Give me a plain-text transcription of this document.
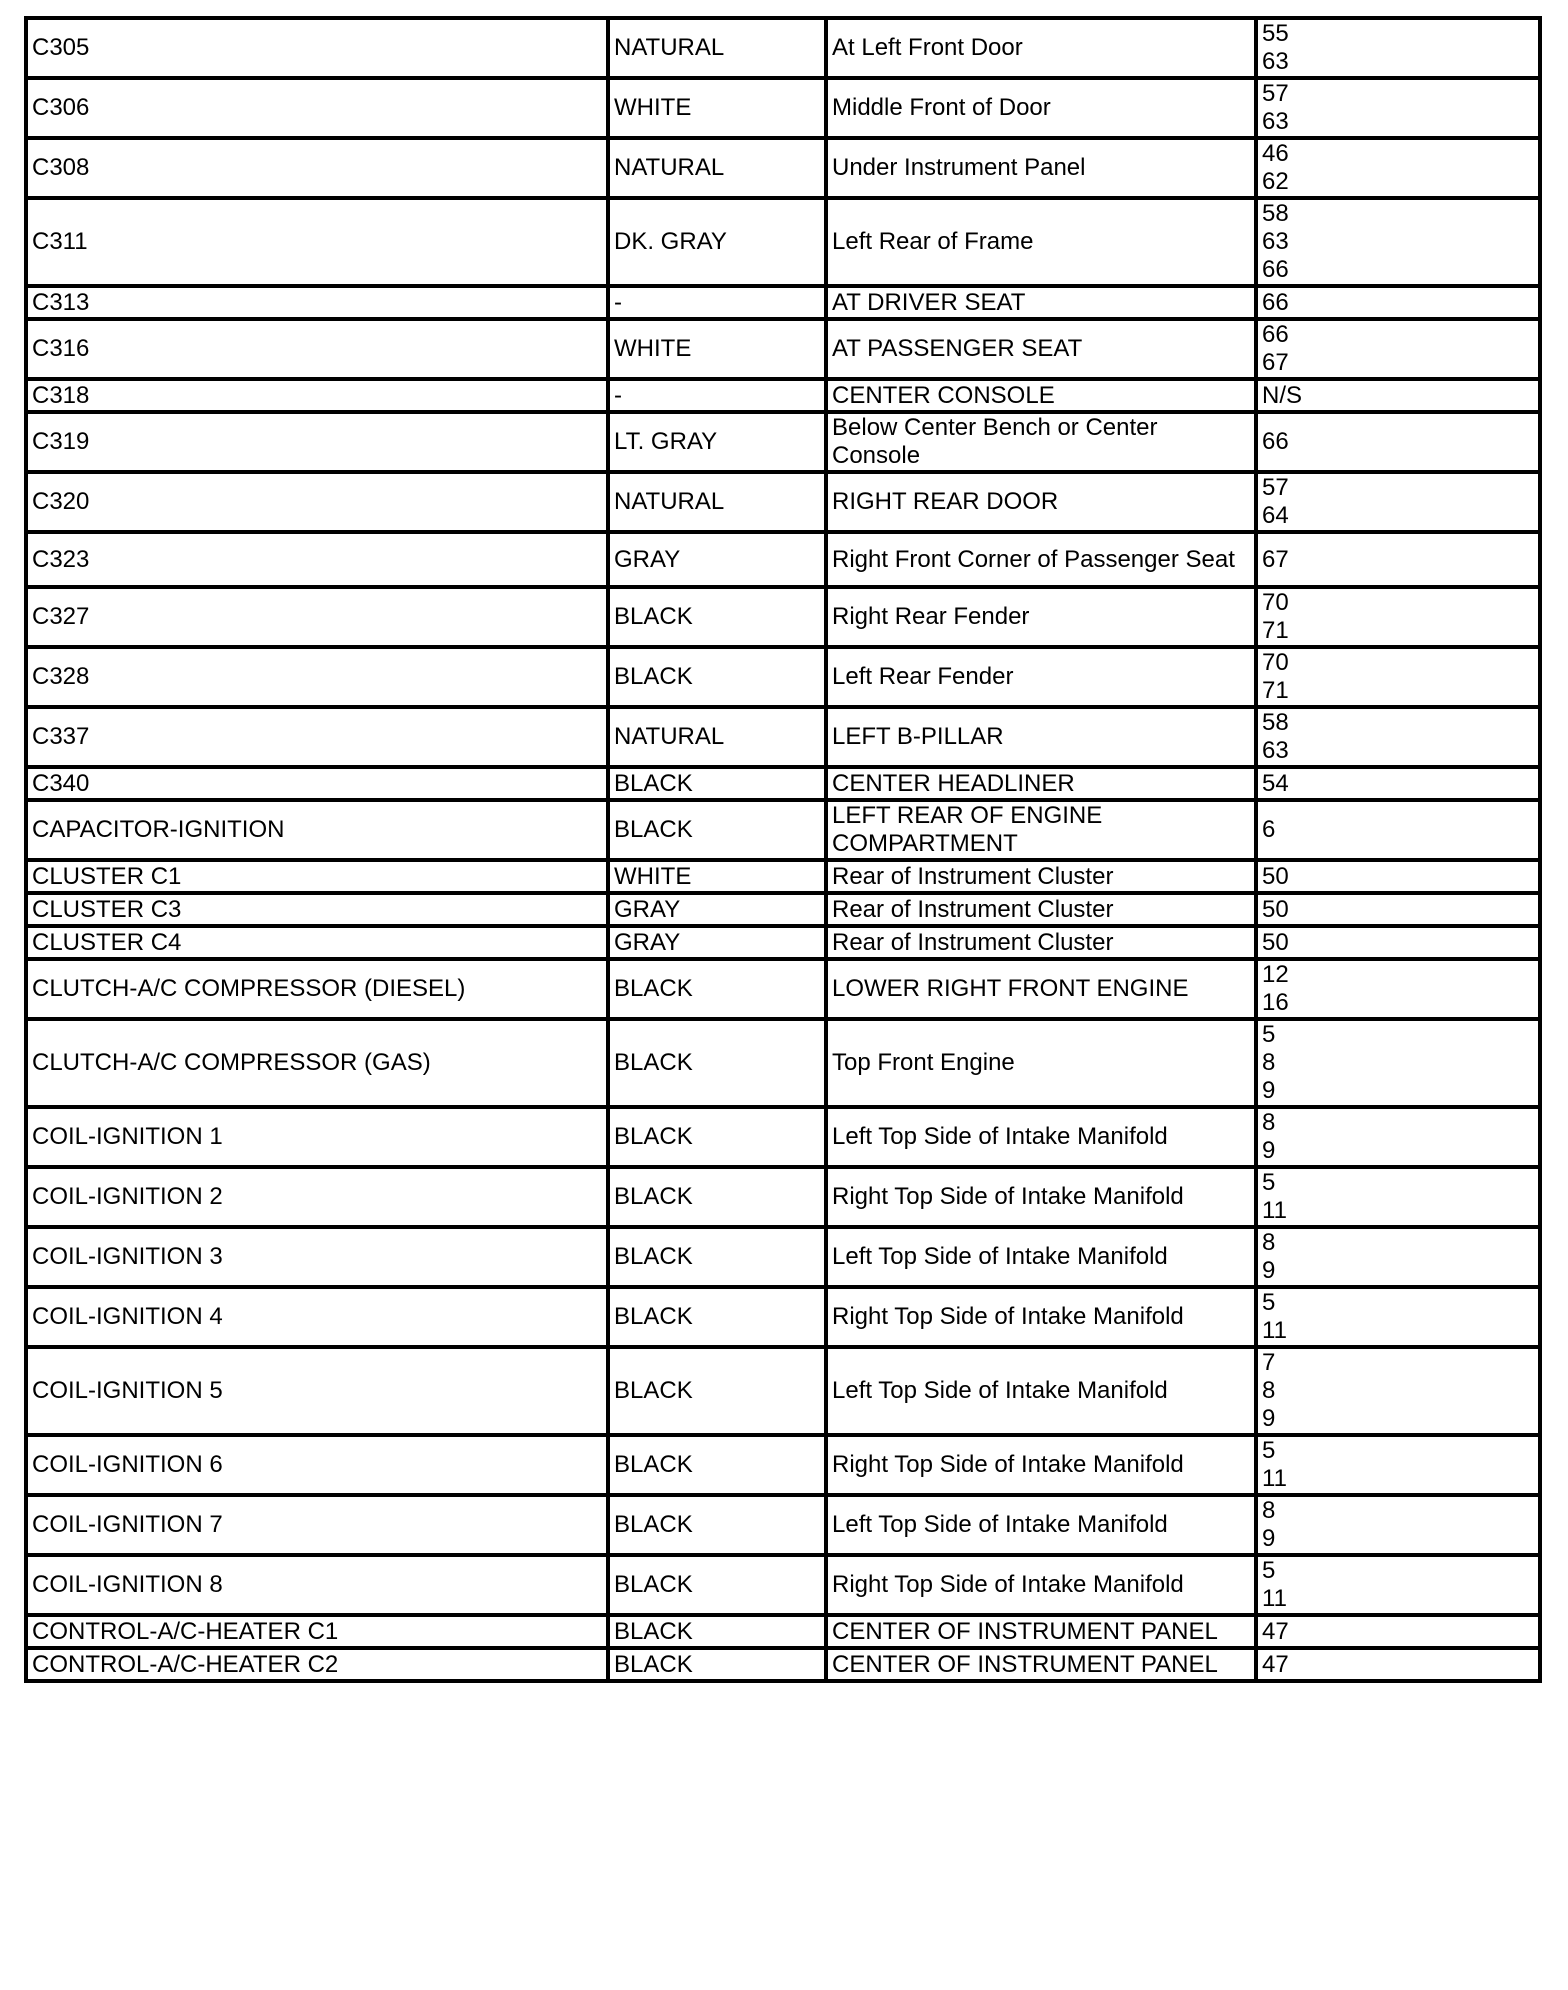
C305	NATURAL	At Left Front Door	55
63

C306	WHITE	Middle Front of Door	57
63

C308	NATURAL	Under Instrument Panel	46
62

C311	DK. GRAY	Left Rear of Frame	58
63
66

C313	-	AT DRIVER SEAT	66

C316	WHITE	AT PASSENGER SEAT	66
67

C318	-	CENTER CONSOLE	N/S

C319	LT. GRAY	Below Center Bench or Center Console	66

C320	NATURAL	RIGHT REAR DOOR	57
64

C323	GRAY	Right Front Corner of Passenger Seat	67

C327	BLACK	Right Rear Fender	70
71

C328	BLACK	Left Rear Fender	70
71

C337	NATURAL	LEFT B-PILLAR	58
63

C340	BLACK	CENTER HEADLINER	54

CAPACITOR-IGNITION	BLACK	LEFT REAR OF ENGINE COMPARTMENT	6

CLUSTER C1	WHITE	Rear of Instrument Cluster	50

CLUSTER C3	GRAY	Rear of Instrument Cluster	50

CLUSTER C4	GRAY	Rear of Instrument Cluster	50

CLUTCH-A/C COMPRESSOR (DIESEL)	BLACK	LOWER RIGHT FRONT ENGINE	12
16

CLUTCH-A/C COMPRESSOR (GAS)	BLACK	Top Front Engine	5
8
9

COIL-IGNITION 1	BLACK	Left Top Side of Intake Manifold	8
9

COIL-IGNITION 2	BLACK	Right Top Side of Intake Manifold	5
11

COIL-IGNITION 3	BLACK	Left Top Side of Intake Manifold	8
9

COIL-IGNITION 4	BLACK	Right Top Side of Intake Manifold	5
11

COIL-IGNITION 5	BLACK	Left Top Side of Intake Manifold	7
8
9

COIL-IGNITION 6	BLACK	Right Top Side of Intake Manifold	5
11

COIL-IGNITION 7	BLACK	Left Top Side of Intake Manifold	8
9

COIL-IGNITION 8	BLACK	Right Top Side of Intake Manifold	5
11

CONTROL-A/C-HEATER C1	BLACK	CENTER OF INSTRUMENT PANEL	47

CONTROL-A/C-HEATER C2	BLACK	CENTER OF INSTRUMENT PANEL	47
